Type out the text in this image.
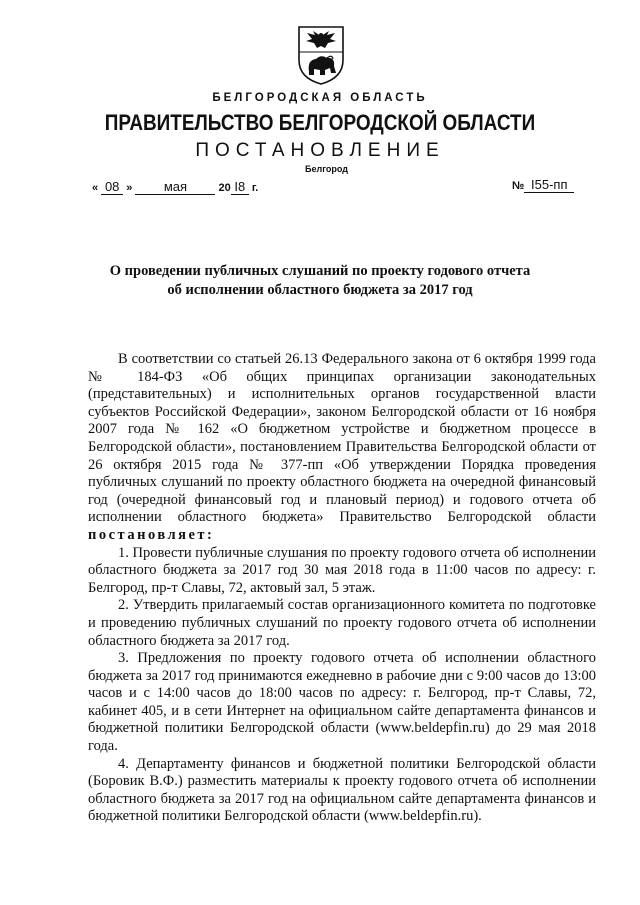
БЕЛГОРОДСКАЯ ОБЛАСТЬ
ПРАВИТЕЛЬСТВО БЕЛГОРОДСКОЙ ОБЛАСТИ
ПОСТАНОВЛЕНИЕ
Белгород
« 08 » мая	20 I8 г.	№ I55-пп
О проведении публичных слушаний по проекту годового отчета
об исполнении областного бюджета за 2017 год

В соответствии со статьей 26.13 Федерального закона от 6 октября 1999 года № 184-ФЗ «Об общих принципах организации законодательных (представительных) и исполнительных органов государственной власти субъектов Российской Федерации», законом Белгородской области от 16 ноября 2007 года № 162 «О бюджетном устройстве и бюджетном процессе в Белгородской области», постановлением Правительства Белгородской области от 26 октября 2015 года № 377-пп «Об утверждении Порядка проведения публичных слушаний по проекту областного бюджета на очередной финансовый год (очередной финансовый год и плановый период) и годового отчета об исполнении областного бюджета» Правительство Белгородской области постановляет:

1. Провести публичные слушания по проекту годового отчета об исполнении областного бюджета за 2017 год 30 мая 2018 года в 11:00 часов по адресу: г. Белгород, пр-т Славы, 72, актовый зал, 5 этаж.

2. Утвердить прилагаемый состав организационного комитета по подготовке и проведению публичных слушаний по проекту годового отчета об исполнении областного бюджета за 2017 год.

3. Предложения по проекту годового отчета об исполнении областного бюджета за 2017 год принимаются ежедневно в рабочие дни с 9:00 часов до 13:00 часов и с 14:00 часов до 18:00 часов по адресу: г. Белгород, пр-т Славы, 72, кабинет 405, и в сети Интернет на официальном сайте департамента финансов и бюджетной политики Белгородской области (www.beldepfin.ru) до 29 мая 2018 года.

4. Департаменту финансов и бюджетной политики Белгородской области (Боровик В.Ф.) разместить материалы к проекту годового отчета об исполнении областного бюджета за 2017 год на официальном сайте департамента финансов и бюджетной политики Белгородской области (www.beldepfin.ru).
